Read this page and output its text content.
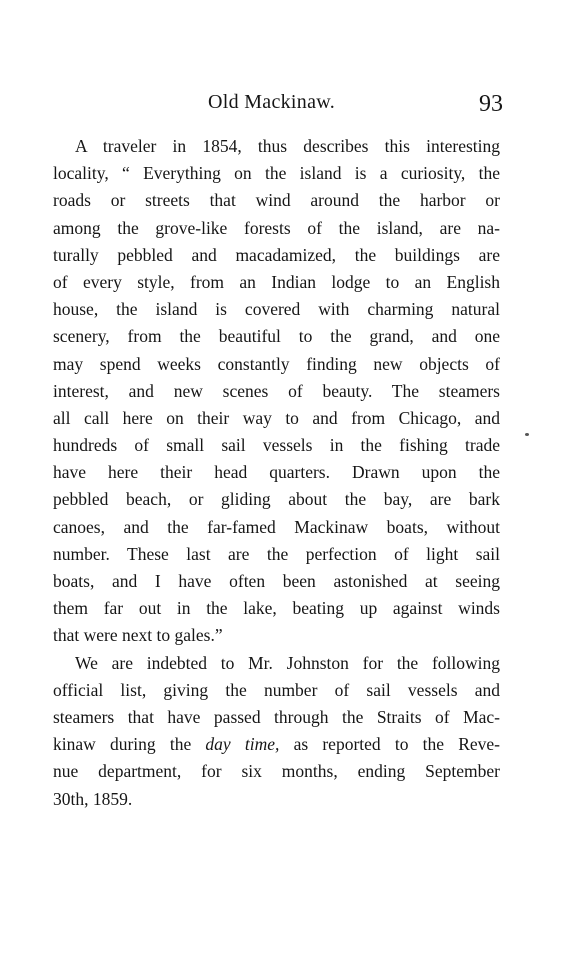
Old Mackinaw.	93
A traveler in 1854, thus describes this interesting
locality, “ Everything on the island is a curiosity, the
roads or streets that wind around the harbor or
among the grove-like forests of the island, are na-
turally pebbled and macadamized, the buildings are
of every style, from an Indian lodge to an English
house, the island is covered with charming natural
scenery, from the beautiful to the grand, and one
may spend weeks constantly finding new objects of
interest, and new scenes of beauty. The steamers
all call here on their way to and from Chicago, and
hundreds of small sail vessels in the fishing trade
have here their head quarters. Drawn upon the
pebbled beach, or gliding about the bay, are bark
canoes, and the far-famed Mackinaw boats, without
number. These last are the perfection of light sail
boats, and I have often been astonished at seeing
them far out in the lake, beating up against winds
that were next to gales.”
We are indebted to Mr. Johnston for the following
official list, giving the number of sail vessels and
steamers that have passed through the Straits of Mac-
kinaw during the day time, as reported to the Reve-
nue department, for six months, ending September
30th, 1859.
